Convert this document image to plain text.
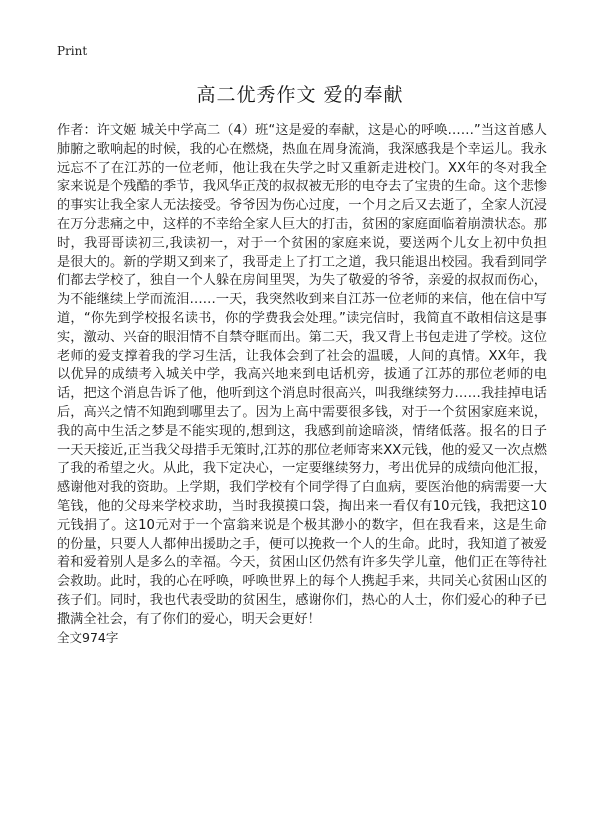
Print
高二优秀作文 爱的奉献

作者：许文姬 城关中学高二（4）班“这是爱的奉献，这是心的呼唤……”当这首感人肺腑之歌响起的时候，我的心在燃烧，热血在周身流淌，我深感我是个幸运儿。我永远忘不了在江苏的一位老师，他让我在失学之时又重新走进校门。XX年的冬对我全家来说是个残酷的季节，我风华正茂的叔叔被无形的电夺去了宝贵的生命。这个悲惨的事实让我全家人无法接受。爷爷因为伤心过度，一个月之后又去逝了，全家人沉浸在万分悲痛之中，这样的不幸给全家人巨大的打击，贫困的家庭面临着崩溃状态。那时，我哥哥读初三,我读初一，对于一个贫困的家庭来说，要送两个儿女上初中负担是很大的。新的学期又到来了，我哥走上了打工之道，我只能退出校园。我看到同学们都去学校了，独自一个人躲在房间里哭，为失了敬爱的爷爷，亲爱的叔叔而伤心，为不能继续上学而流泪……一天，我突然收到来自江苏一位老师的来信，他在信中写道，“你先到学校报名读书，你的学费我会处理。”读完信时，我简直不敢相信这是事实，激动、兴奋的眼泪情不自禁夺眶而出。第二天，我又背上书包走进了学校。这位老师的爱支撑着我的学习生活，让我体会到了社会的温暖，人间的真情。XX年，我以优异的成绩考入城关中学，我高兴地来到电话机旁，拔通了江苏的那位老师的电话，把这个消息告诉了他，他听到这个消息时很高兴，叫我继续努力……我挂掉电话后，高兴之情不知跑到哪里去了。因为上高中需要很多钱，对于一个贫困家庭来说，我的高中生活之梦是不能实现的,想到这，我感到前途暗淡，情绪低落。报名的日子一天天接近,正当我父母措手无策时,江苏的那位老师寄来XX元钱，他的爱又一次点燃了我的希望之火。从此，我下定决心，一定要继续努力，考出优异的成绩向他汇报，感谢他对我的资助。上学期，我们学校有个同学得了白血病，要医治他的病需要一大笔钱，他的父母来学校求助，当时我摸摸口袋，掏出来一看仅有10元钱，我把这10元钱捐了。这10元对于一个富翁来说是个极其渺小的数字，但在我看来，这是生命的份量，只要人人都伸出援助之手，便可以挽救一个人的生命。此时，我知道了被爱着和爱着别人是多么的幸福。今天，贫困山区仍然有许多失学儿童，他们正在等待社会救助。此时，我的心在呼唤，呼唤世界上的每个人携起手来，共同关心贫困山区的孩子们。同时，我也代表受助的贫困生，感谢你们，热心的人士，你们爱心的种子已撒满全社会，有了你们的爱心，明天会更好！

全文974字
